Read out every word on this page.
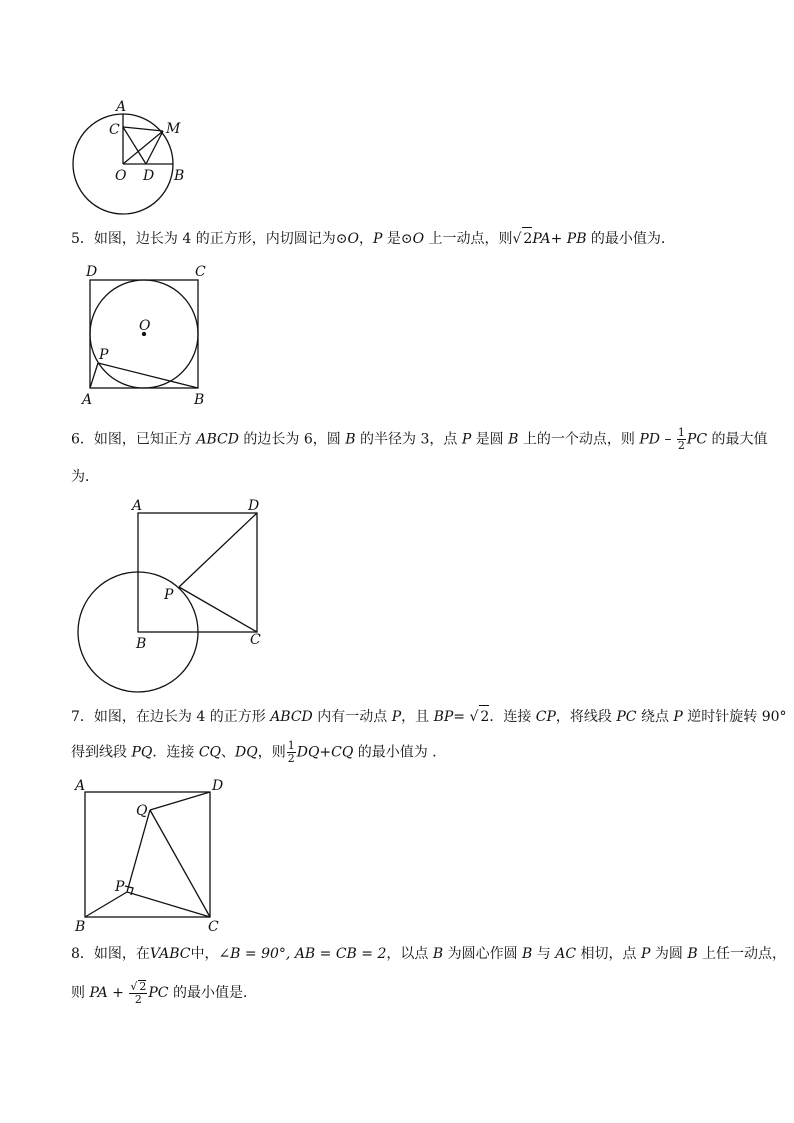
A
C	M
O D B
5．如图，边长为 4 的正方形，内切圆记为⊙O，P 是⊙O 上一动点，则√ 2PA+ PB 的最小值为．
D	C
O
P
A	B
6．如图，已知正方 ABCD 的边长为 6，圆 B 的半径为 3，点 P 是圆 B 上的一个动点，则 PD – $\frac{1}{2}$ PC 的最大值
为．
A	D
P
B	C
7．如图，在边长为 4 的正方形 ABCD 内有一动点 P，且 BP= √ 2．连接 CP，将线段 PC 绕点 P 逆时针旋转 90°
得到线段 PQ．连接 CQ、DQ，则 $\frac{1}{2} DQ+CQ$ 的最小值为 ．
A	D
Q
P
B	C
8．如图，在VABC中，∠B = 90°, AB = CB = 2，以点 B 为圆心作圆 B 与 AC 相切，点 P 为圆 B 上任一动点，
则 PA + $\frac{√ 2}{2}$ PC 的最小值是．
